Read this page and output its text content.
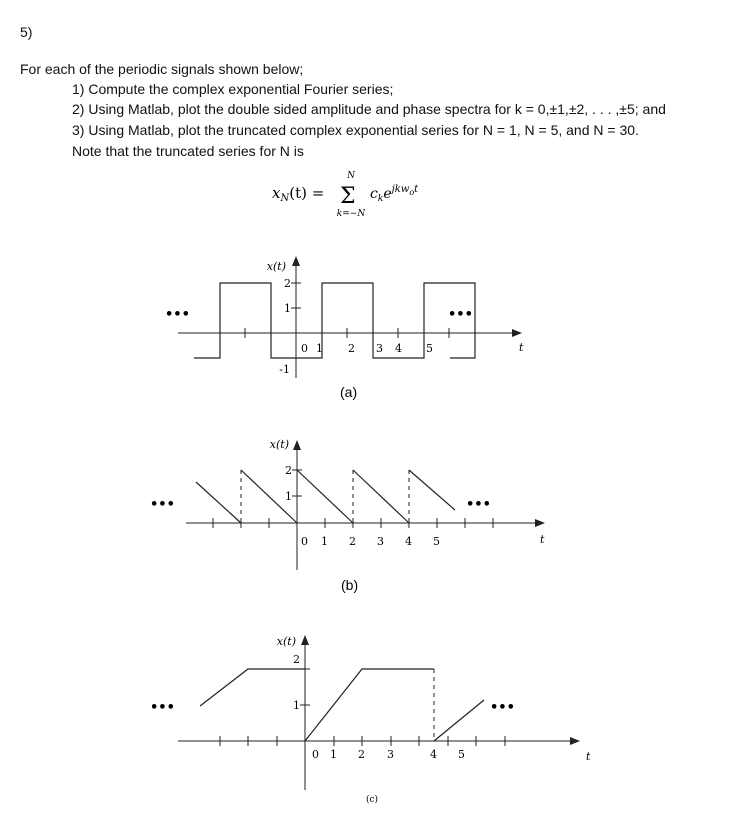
5)
For each of the periodic signals shown below;
1) Compute the complex exponential Fourier series;
2) Using Matlab, plot the double sided amplitude and phase spectra for k = 0,±1,±2, . . . ,±5; and
3) Using Matlab, plot the truncated complex exponential series for N = 1, N = 5, and N = 30.
Note that the truncated series for N is
$x_N(t)$ =
N
Σ
k=−N
$c_ke^{jkw}_o^t$
x(t)
2
1
-1
0 1 2 3 4 5	t
•••	•••
(a)
x(t)
2
1
0 1 2 3 4 5	t
•••	•••
(b)
x(t)
2
1
0 1 2 3	4 5	t
•••	•••
(c)
